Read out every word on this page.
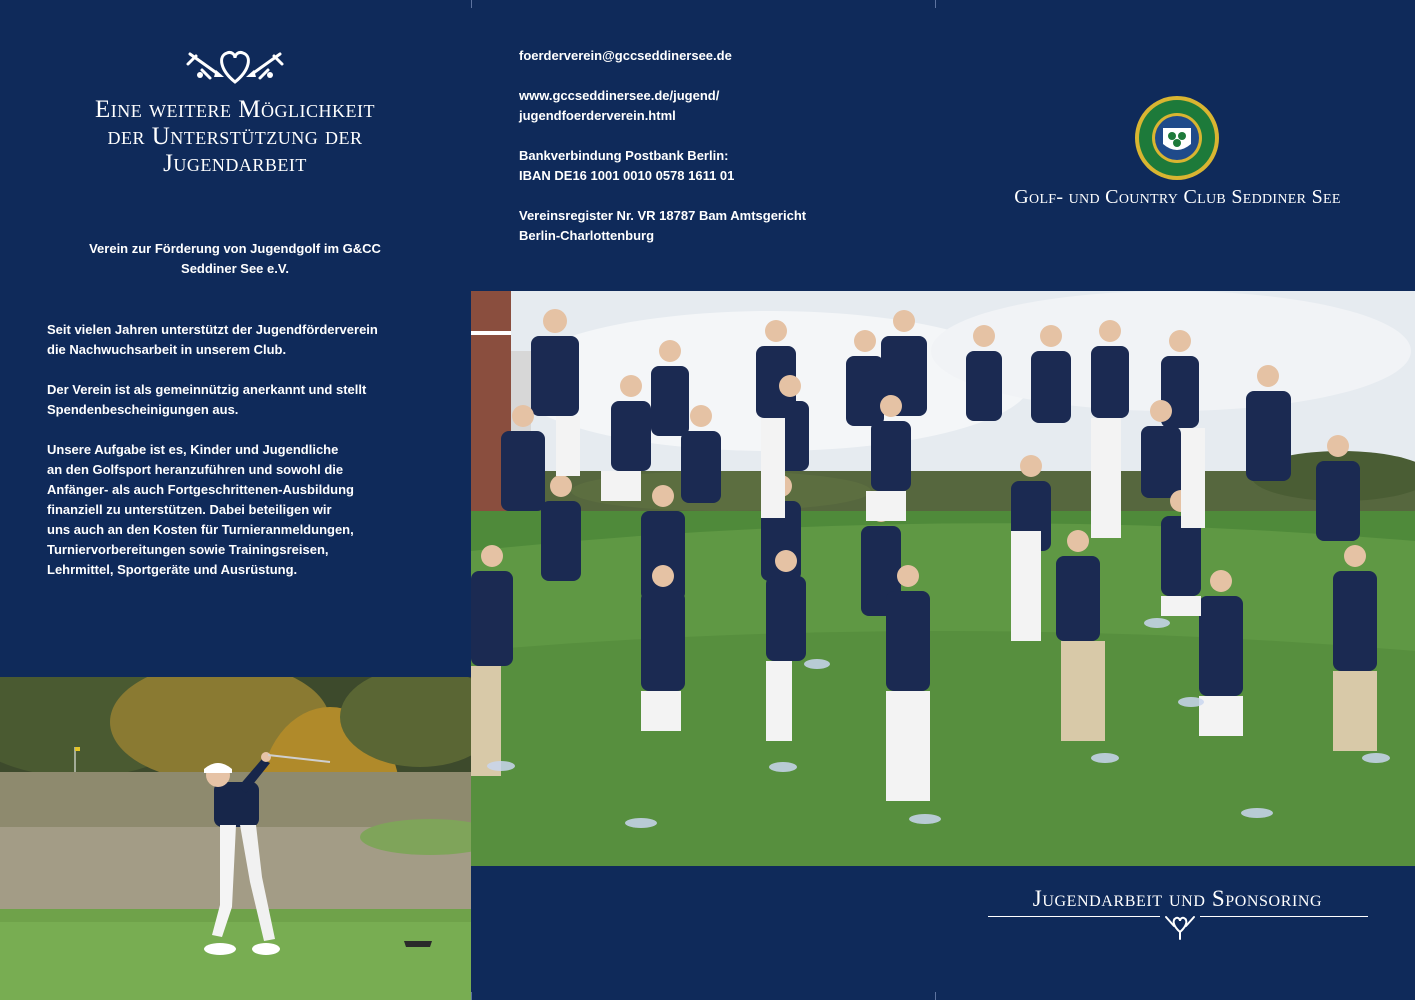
Eine weitere Möglichkeit
der Unterstützung der
Jugendarbeit
Verein zur Förderung von Jugendgolf im G&CC
Seddiner See e.V.

Seit vielen Jahren unterstützt der Jugendförderverein
die Nachwuchsarbeit in unserem Club.

Der Verein ist als gemeinnützig anerkannt und stellt
Spendenbescheinigungen aus.

Unsere Aufgabe ist es, Kinder und Jugendliche
an den Golfsport heranzuführen und sowohl die
Anfänger- als auch Fortgeschrittenen-Ausbildung
finanziell zu unterstützen. Dabei beteiligen wir
uns auch an den Kosten für Turnieranmeldungen,
Turniervorbereitungen sowie Trainingsreisen,
Lehrmittel, Sportgeräte und Ausrüstung.

foerderverein@gccseddinersee.de
www.gccseddinersee.de/jugend/
jugendfoerderverein.html
Bankverbindung Postbank Berlin:
IBAN DE16 1001 0010 0578 1611 01
Vereinsregister Nr. VR 18787 Bam Amtsgericht
Berlin-Charlottenburg
Golf- und Country Club Seddiner See
Jugendarbeit und Sponsoring
